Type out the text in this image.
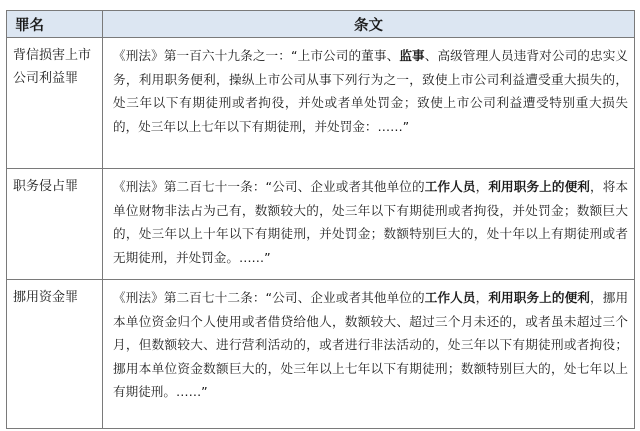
罪名	条文
背信损害上市公司利益罪	《刑法》第一百六十九条之一：“上市公司的董事、监事、高级管理人员违背对公司的忠实义务，利用职务便利，操纵上市公司从事下列行为之一，致使上市公司利益遭受重大损失的，处三年以下有期徒刑或者拘役，并处或者单处罚金；致使上市公司利益遭受特别重大损失的，处三年以上七年以下有期徒刑，并处罚金：……”
职务侵占罪	《刑法》第二百七十一条：“公司、企业或者其他单位的工作人员，利用职务上的便利，将本单位财物非法占为己有，数额较大的，处三年以下有期徒刑或者拘役，并处罚金；数额巨大的，处三年以上十年以下有期徒刑，并处罚金；数额特别巨大的，处十年以上有期徒刑或者无期徒刑，并处罚金。……”
挪用资金罪	《刑法》第二百七十二条：“公司、企业或者其他单位的工作人员，利用职务上的便利，挪用本单位资金归个人使用或者借贷给他人，数额较大、超过三个月未还的，或者虽未超过三个月，但数额较大、进行营利活动的，或者进行非法活动的，处三年以下有期徒刑或者拘役；挪用本单位资金数额巨大的，处三年以上七年以下有期徒刑；数额特别巨大的，处七年以上有期徒刑。……”
